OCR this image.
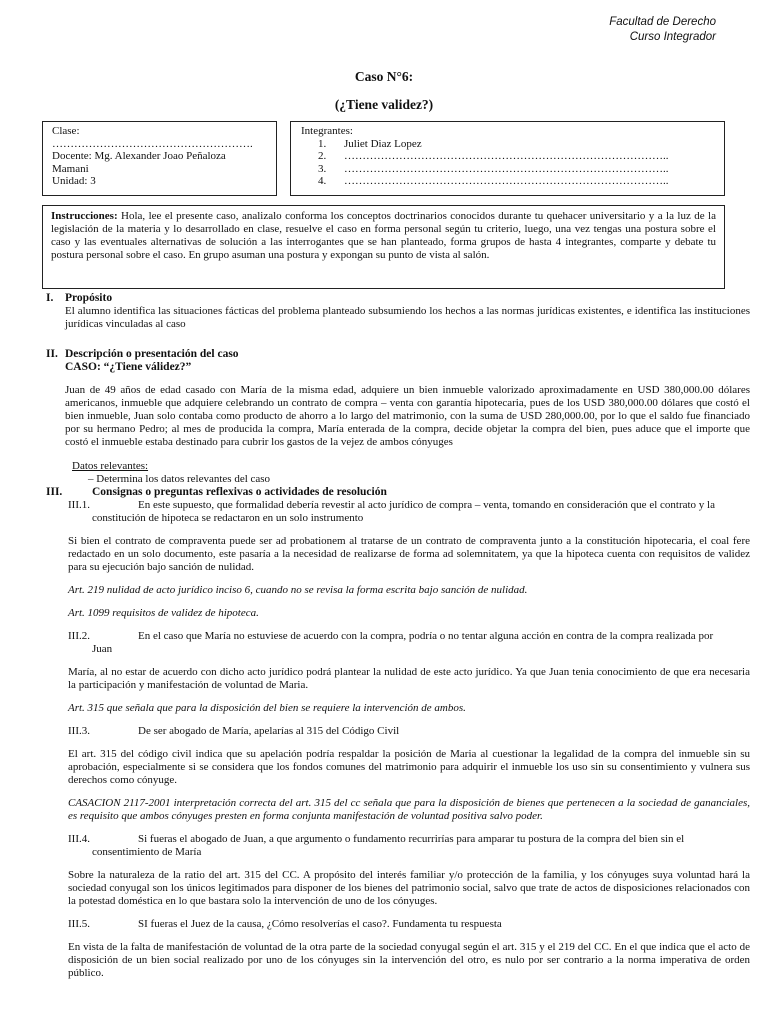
Facultad de Derecho
Curso Integrador
Caso N°6:
(¿Tiene validez?)
Clase:
……………………………………………….
Docente: Mg. Alexander Joao Peñaloza
Mamani
Unidad: 3
Integrantes:
1.	Juliet Diaz Lopez
2.	……………………………………………………………………………..
3.	……………………………………………………………………………..
4.	……………………………………………………………………………..
Instrucciones: Hola, lee el presente caso, analizalo conforma los conceptos doctrinarios conocidos durante tu quehacer universitario y a la luz de la legislación de la materia y lo desarrollado en clase, resuelve el caso en forma personal según tu criterio, luego, una vez tengas una postura sobre el caso y las eventuales alternativas de solución a las interrogantes que se han planteado, forma grupos de hasta 4 integrantes, comparte y debate tu postura personal sobre el caso. En grupo asuman una postura y expongan su punto de vista al salón.
I.	Propósito
El alumno identifica las situaciones fácticas del problema planteado subsumiendo los hechos a las normas jurídicas existentes, e identifica las instituciones jurídicas vinculadas al caso
II. Descripción o presentación del caso
CASO: “¿Tiene válidez?”
Juan de 49 años de edad casado con María de la misma edad, adquiere un bien inmueble valorizado aproximadamente en USD 380,000.00 dólares americanos, inmueble que adquiere celebrando un contrato de compra – venta con garantía hipotecaria, pues de los USD 380,000.00 dólares que costó el bien inmueble, Juan solo contaba como producto de ahorro a lo largo del matrimonio, con la suma de USD 280,000.00, por lo que el saldo fue financiado por su hermano Pedro; al mes de producida la compra, María enterada de la compra, decide objetar la compra del bien, pues aduce que el importe que costó el inmueble estaba destinado para cubrir los gastos de la vejez de ambos cónyuges
Datos relevantes:
– Determina los datos relevantes del caso
III.	Consignas o preguntas reflexivas o actividades de resolución
III.1.	En este supuesto, que formalidad debería revestir al acto jurídico de compra – venta, tomando en consideración que el contrato y la
constitución de hipoteca se redactaron en un solo instrumento
Si bien el contrato de compraventa puede ser ad probationem al tratarse de un contrato de compraventa junto a la constitución hipotecaria, el coal fere redactado en un solo documento, este pasaría a la necesidad de realizarse de forma ad solemnitatem, ya que la hipoteca cuenta con requisitos de validez para su ejecución bajo sanción de nulidad.
Art. 219 nulidad de acto jurídico inciso 6, cuando no se revisa la forma escrita bajo sanción de nulidad.
Art. 1099 requisitos de validez de hipoteca.
III.2.	En el caso que María no estuviese de acuerdo con la compra, podría o no tentar alguna acción en contra de la compra realizada por
Juan
María, al no estar de acuerdo con dicho acto jurídico podrá plantear la nulidad de este acto jurídico. Ya que Juan tenia conocimiento de que era necesaria la participación y manifestación de voluntad de Maria.
Art. 315 que señala que para la disposición del bien se requiere la intervención de ambos.
III.3.	De ser abogado de María, apelarías al 315 del Código Civil
El art. 315 del código civil indica que su apelación podría respaldar la posición de Maria al cuestionar la legalidad de la compra del inmueble sin su aprobación, especialmente si se considera que los fondos comunes del matrimonio para adquirir el inmueble los uso sin su consentimiento y vulnera sus derechos como cónyuge.
CASACION 2117-2001 interpretación correcta del art. 315 del cc señala que para la disposición de bienes que pertenecen a la sociedad de gananciales, es requisito que ambos cónyuges presten en forma conjunta manifestación de voluntad positiva salvo poder.
III.4.	Si fueras el abogado de Juan, a que argumento o fundamento recurrirías para amparar tu postura de la compra del bien sin el
consentimiento de María
Sobre la naturaleza de la ratio del art. 315 del CC. A propósito del interés familiar y/o protección de la familia, y los cónyuges suya voluntad hará la sociedad conyugal son los únicos legitimados para disponer de los bienes del patrimonio social, salvo que trate de actos de disposiciones relacionados con la potestad doméstica en lo que bastara solo la intervención de uno de los cónyuges.
III.5.	SI fueras el Juez de la causa, ¿Cómo resolverías el caso?. Fundamenta tu respuesta
En vista de la falta de manifestación de voluntad de la otra parte de la sociedad conyugal según el art. 315 y el 219 del CC. En el que indica que el acto de disposición de un bien social realizado por uno de los cónyuges sin la intervención del otro, es nulo por ser contrario a la norma imperativa de orden público.
